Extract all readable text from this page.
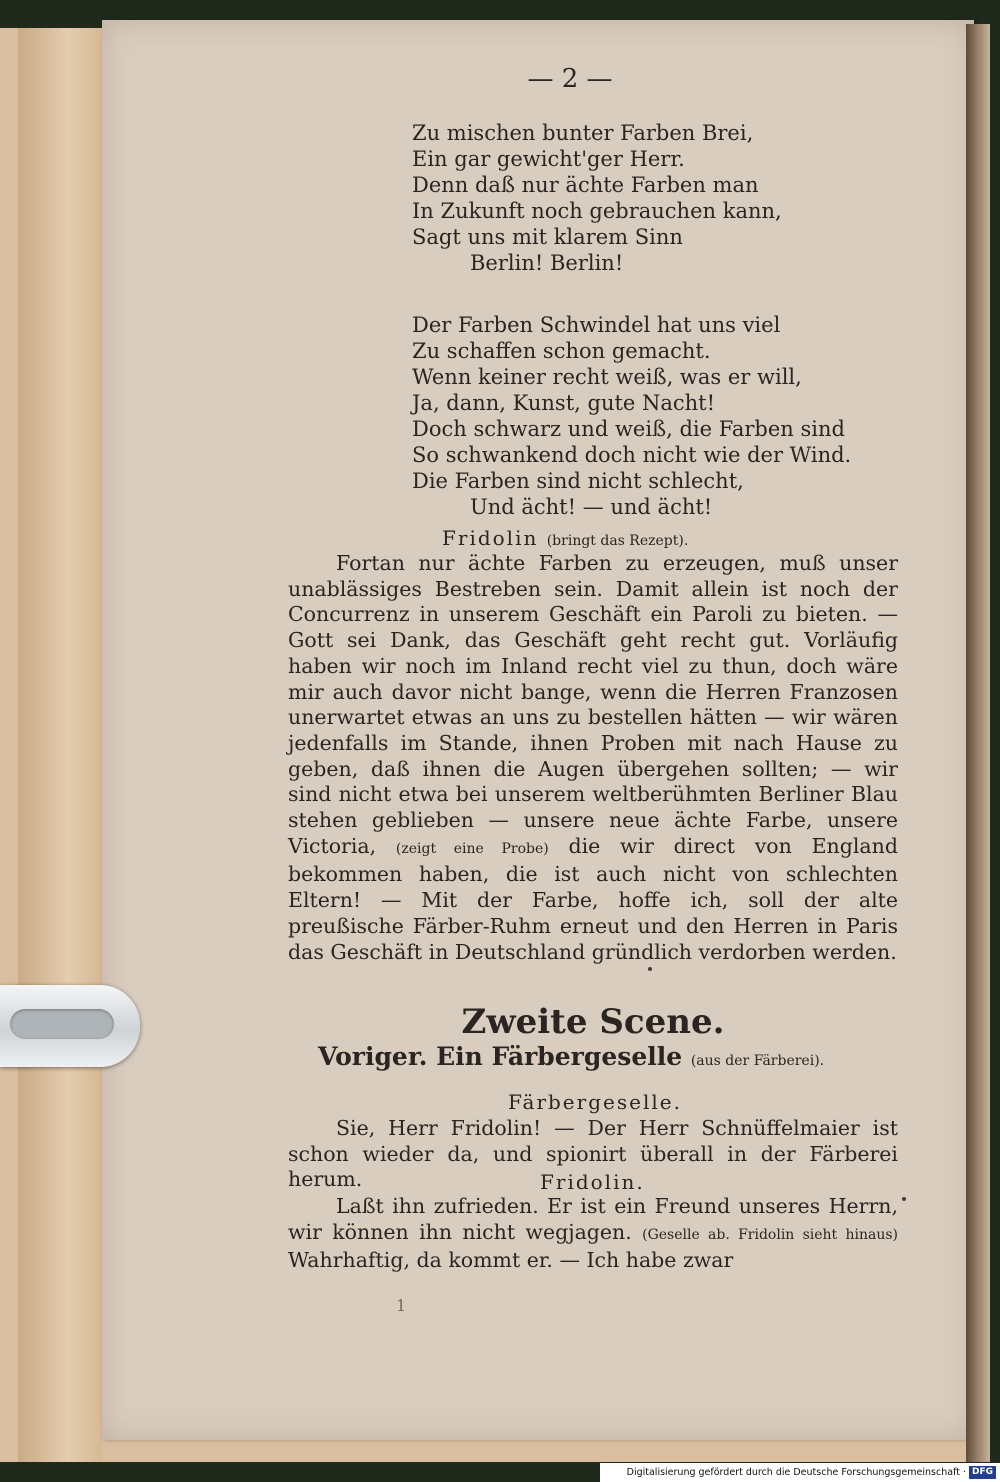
— 2 —
Zu mischen bunter Farben Brei,
Ein gar gewicht'ger Herr.
Denn daß nur ächte Farben man
In Zukunft noch gebrauchen kann,
Sagt uns mit klarem Sinn
Berlin! Berlin!
Der Farben Schwindel hat uns viel
Zu schaffen schon gemacht.
Wenn keiner recht weiß, was er will,
Ja, dann, Kunst, gute Nacht!
Doch schwarz und weiß, die Farben sind
So schwankend doch nicht wie der Wind.
Die Farben sind nicht schlecht,
Und ächt! — und ächt!
Fridolin (bringt das Rezept).

Fortan nur ächte Farben zu erzeugen, muß unser unablässiges Bestreben sein. Damit allein ist noch der Concurrenz in unserem Geschäft ein Paroli zu bieten. — Gott sei Dank, das Geschäft geht recht gut. Vorläufig haben wir noch im Inland recht viel zu thun, doch wäre mir auch davor nicht bange, wenn die Herren Franzosen unerwartet etwas an uns zu bestellen hätten — wir wären jedenfalls im Stande, ihnen Proben mit nach Hause zu geben, daß ihnen die Augen übergehen sollten; — wir sind nicht etwa bei unserem weltberühmten Berliner Blau stehen geblieben — unsere neue ächte Farbe, unsere Victoria, (zeigt eine Probe) die wir direct von England bekommen haben, die ist auch nicht von schlechten Eltern! — Mit der Farbe, hoffe ich, soll der alte preußische Färber-Ruhm erneut und den Herren in Paris das Geschäft in Deutschland gründlich verdorben werden.

Zweite Scene.
Voriger. Ein Färbergeselle (aus der Färberei).
Färbergeselle.

Sie, Herr Fridolin! — Der Herr Schnüffelmaier ist schon wieder da, und spionirt überall in der Färberei herum.	Fridolin.

Laßt ihn zufrieden. Er ist ein Freund unseres Herrn, wir können ihn nicht wegjagen. (Geselle ab. Fridolin sieht hinaus) Wahrhaftig, da kommt er. — Ich habe zwar

1
Digitalisierung gefördert durch die Deutsche Forschungsgemeinschaft · DFG
